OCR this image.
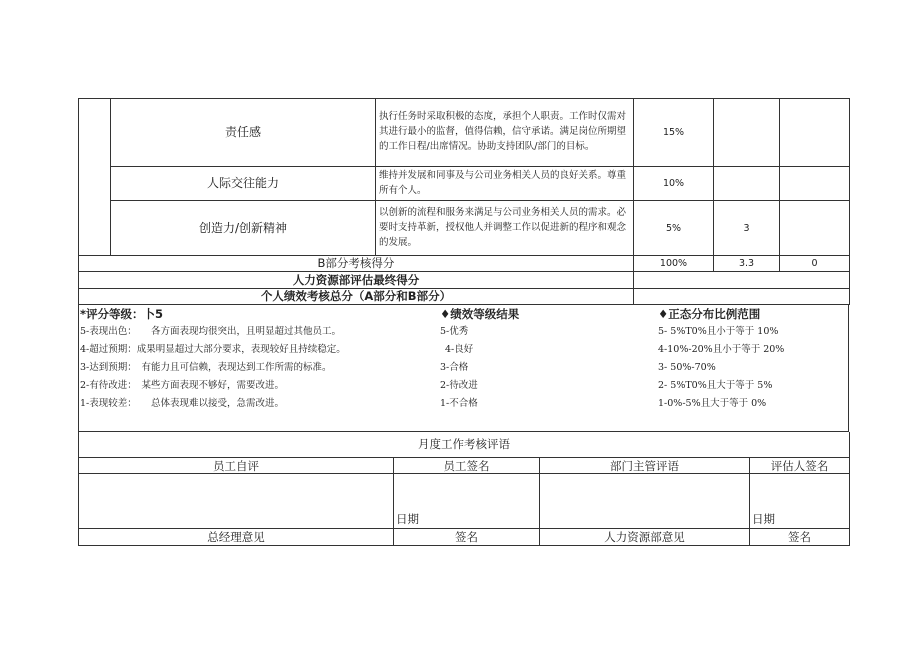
	责任感	执行任务时采取积极的态度，承担个人职责。工作时仅需对其进行最小的监督，值得信赖，信守承诺。满足岗位所期望的工作日程/出席情况。协助支持团队/部门的目标。	15%		
	人际交往能力	维持并发展和同事及与公司业务相关人员的良好关系。尊重所有个人。	10%		
	创造力/创新精神	以创新的流程和服务来满足与公司业务相关人员的需求。必要时支持革新，授权他人并调整工作以促进新的程序和观念的发展。	5%	3	
B部分考核得分			100%	3.3	0
人力资源部评估最终得分					
个人绩效考核总分（A部分和B部分）					
*评分等级：卜5	♦绩效等级结果	♦正态分布比例范围
5-表现出色：　　各方面表现均很突出，且明显超过其他员工。	5-优秀	5- 5%T0%且小于等于 10%
4-超过预期：成果明显超过大部分要求，表现较好且持续稳定。	4-良好	4-10%-20%且小于等于 20%
3-达到预期：　有能力且可信赖，表现达到工作所需的标准。	3-合格	3- 50%-70%
2-有待改进：　某些方面表现不够好，需要改进。	2-待改进	2- 5%T0%且大于等于 5%
1-表现较差：　　总体表现难以接受，急需改进。	1-不合格	1-0%-5%且大于等于 0%

月度工作考核评语			
员工自评	员工签名	部门主管评语	评估人签名
	日期		日期
总经理意见	签名	人力资源部意见	签名
